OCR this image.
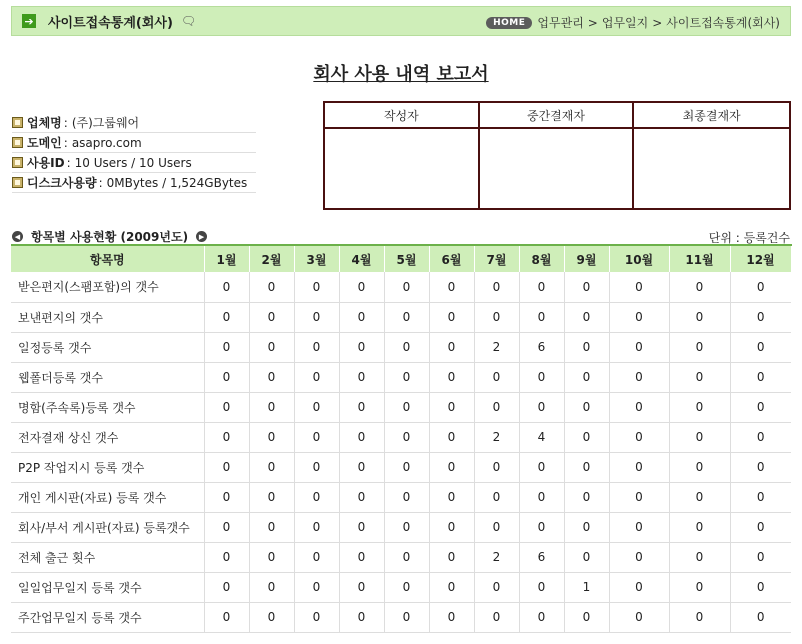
➔ 사이트접속통계(회사) 🗨	HOME	업무관리 > 업무일지 > 사이트접속통계(회사)
회사 사용 내역 보고서
업체명 : (주)그룹웨어
도메인 : asapro.com
사용ID : 10 Users / 10 Users
디스크사용량 : 0MBytes / 1,524GBytes
작성자	중간결재자	최종결재자
◀ 항목별 사용현황 (2009년도)	▶	단위 : 등록건수
항목명	1월	2월	3월	4월	5월	6월	7월	8월	9월	10월	11월	12월
받은편지(스팸포함)의 갯수	0	0	0	0	0	0	0	0	0	0	0	0
보낸편지의 갯수	0	0	0	0	0	0	0	0	0	0	0	0
일정등록 갯수	0	0	0	0	0	0	2	6	0	0	0	0
웹폴더등록 갯수	0	0	0	0	0	0	0	0	0	0	0	0
명함(주속록)등록 갯수	0	0	0	0	0	0	0	0	0	0	0	0
전자결재 상신 갯수	0	0	0	0	0	0	2	4	0	0	0	0
P2P 작업지시 등록 갯수	0	0	0	0	0	0	0	0	0	0	0	0
개인 게시판(자료) 등록 갯수	0	0	0	0	0	0	0	0	0	0	0	0
회사/부서 게시판(자료) 등록갯수	0	0	0	0	0	0	0	0	0	0	0	0
전체 출근 횟수	0	0	0	0	0	0	2	6	0	0	0	0
일일업무일지 등록 갯수	0	0	0	0	0	0	0	0	1	0	0	0
주간업무일지 등록 갯수	0	0	0	0	0	0	0	0	0	0	0	0
